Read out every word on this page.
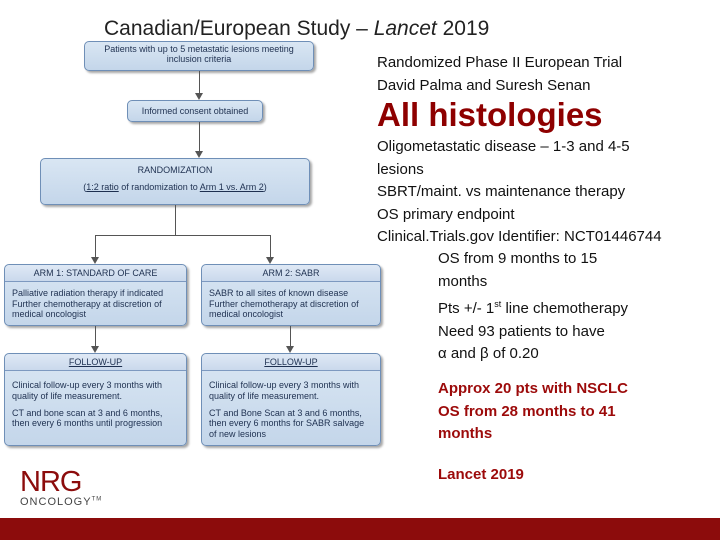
Canadian/European Study – Lancet 2019
Patients with up to 5 metastatic lesions meeting inclusion criteria
Informed consent obtained
RANDOMIZATION
(1:2 ratio of randomization to Arm 1 vs. Arm 2)
ARM 1: STANDARD OF CARE
Palliative radiation therapy if indicated
Further chemotherapy at discretion of medical oncologist
ARM 2: SABR
SABR to all sites of known disease
Further chemotherapy at discretion of medical oncologist
FOLLOW-UP
Clinical follow-up every 3 months with quality of life measurement.
CT and bone scan at 3 and 6 months, then every 6 months until progression
FOLLOW-UP
Clinical follow-up every 3 months with quality of life measurement.
CT and Bone Scan at 3 and 6 months, then every 6 months for SABR salvage of new lesions
Randomized Phase II European Trial
David Palma and Suresh Senan
All histologies
Oligometastatic disease – 1-3 and 4-5
lesions
SBRT/maint. vs maintenance therapy
OS primary endpoint
Clinical.Trials.gov Identifier: NCT01446744
OS from 9 months to 15
months
Pts +/- 1st line chemotherapy
Need 93 patients to have
α and β of 0.20
Approx 20 pts with NSCLC
OS from 28 months to 41
months
Lancet 2019
NRG
ONCOLOGY™
